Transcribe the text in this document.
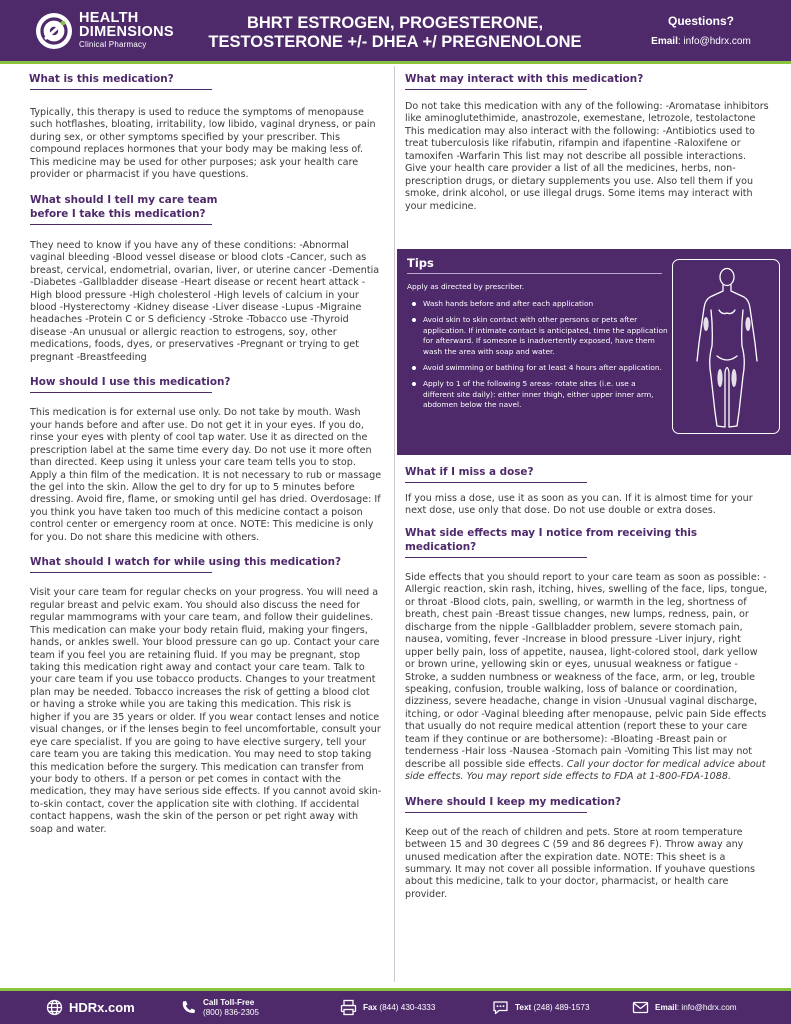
HEALTH
DIMENSIONS
Clinical Pharmacy
BHRT ESTROGEN, PROGESTERONE,
TESTOSTERONE +/- DHEA +/ PREGNENOLONE
Questions?
Email: info@hdrx.com
What is this medication?
Typically, this therapy is used to reduce the symptoms of menopause such hotflashes, bloating, irritability, low libido, vaginal dryness, or pain during sex, or other symptoms specified by your prescriber. This compound replaces hormones that your body may be making less of. This medicine may be used for other purposes; ask your health care provider or pharmacist if you have questions.
What should I tell my care team
before I take this medication?
They need to know if you have any of these conditions: -Abnormal vaginal bleeding -Blood vessel disease or blood clots -Cancer, such as breast, cervical, endometrial, ovarian, liver, or uterine cancer -Dementia -Diabetes -Gallbladder disease -Heart disease or recent heart attack -High blood pressure -High cholesterol -High levels of calcium in your blood -Hysterectomy -Kidney disease -Liver disease -Lupus -Migraine headaches -Protein C or S deficiency -Stroke -Tobacco use -Thyroid disease -An unusual or allergic reaction to estrogens, soy, other medications, foods, dyes, or preservatives -Pregnant or trying to get pregnant -Breastfeeding
How should I use this medication?
This medication is for external use only. Do not take by mouth. Wash your hands before and after use. Do not get it in your eyes. If you do, rinse your eyes with plenty of cool tap water. Use it as directed on the prescription label at the same time every day. Do not use it more often than directed. Keep using it unless your care team tells you to stop. Apply a thin film of the medication. It is not necessary to rub or massage the gel into the skin. Allow the gel to dry for up to 5 minutes before dressing. Avoid fire, flame, or smoking until gel has dried. Overdosage: If you think you have taken too much of this medicine contact a poison control center or emergency room at once. NOTE: This medicine is only for you. Do not share this medicine with others.
What should I watch for while using this medication?
Visit your care team for regular checks on your progress. You will need a regular breast and pelvic exam. You should also discuss the need for regular mammograms with your care team, and follow their guidelines. This medication can make your body retain fluid, making your fingers, hands, or ankles swell. Your blood pressure can go up. Contact your care team if you feel you are retaining fluid. If you may be pregnant, stop taking this medication right away and contact your care team. Talk to your care team if you use tobacco products. Changes to your treatment plan may be needed. Tobacco increases the risk of getting a blood clot or having a stroke while you are taking this medication. This risk is higher if you are 35 years or older. If you wear contact lenses and notice visual changes, or if the lenses begin to feel uncomfortable, consult your eye care specialist. If you are going to have elective surgery, tell your care team you are taking this medication. You may need to stop taking this medication before the surgery. This medication can transfer from your body to others. If a person or pet comes in contact with the medication, they may have serious side effects. If you cannot avoid skin-to-skin contact, cover the application site with clothing. If accidental contact happens, wash the skin of the person or pet right away with soap and water.
What may interact with this medication?
Do not take this medication with any of the following: -Aromatase inhibitors like aminoglutethimide, anastrozole, exemestane, letrozole, testolactone This medication may also interact with the following: -Antibiotics used to treat tuberculosis like rifabutin, rifampin and ifapentine -Raloxifene or tamoxifen -Warfarin This list may not describe all possible interactions. Give your health care provider a list of all the medicines, herbs, non-prescription drugs, or dietary supplements you use. Also tell them if you smoke, drink alcohol, or use illegal drugs. Some items may interact with your medicine.
Tips
Apply as directed by prescriber.
Wash hands before and after each application
Avoid skin to skin contact with other persons or pets after application. If intimate contact is anticipated, time the application for afterward. If someone is inadvertently exposed, have them wash the area with soap and water.
Avoid swimming or bathing for at least 4 hours after application.
Apply to 1 of the following 5 areas- rotate sites (i.e. use a different site daily): either inner thigh, either upper inner arm, abdomen below the navel.
What if I miss a dose?
If you miss a dose, use it as soon as you can. If it is almost time for your next dose, use only that dose. Do not use double or extra doses.
What side effects may I notice from receiving this medication?
Side effects that you should report to your care team as soon as possible: -Allergic reaction, skin rash, itching, hives, swelling of the face, lips, tongue, or throat -Blood clots, pain, swelling, or warmth in the leg, shortness of breath, chest pain -Breast tissue changes, new lumps, redness, pain, or discharge from the nipple -Gallbladder problem, severe stomach pain, nausea, vomiting, fever -Increase in blood pressure -Liver injury, right upper belly pain, loss of appetite, nausea, light-colored stool, dark yellow or brown urine, yellowing skin or eyes, unusual weakness or fatigue -Stroke, a sudden numbness or weakness of the face, arm, or leg, trouble speaking, confusion, trouble walking, loss of balance or coordination, dizziness, severe headache, change in vision -Unusual vaginal discharge, itching, or odor -Vaginal bleeding after menopause, pelvic pain Side effects that usually do not require medical attention (report these to your care team if they continue or are bothersome): -Bloating -Breast pain or tenderness -Hair loss -Nausea -Stomach pain -Vomiting This list may not describe all possible side effects. Call your doctor for medical advice about side effects. You may report side effects to FDA at 1-800-FDA-1088.
Where should I keep my medication?
Keep out of the reach of children and pets. Store at room temperature between 15 and 30 degrees C (59 and 86 degrees F). Throw away any unused medication after the expiration date. NOTE: This sheet is a summary. It may not cover all possible information. If youhave questions about this medicine, talk to your doctor, pharmacist, or health care provider.
HDRx.com	Call Toll-Free
(800) 836-2305
Fax (844) 430-4333	Text (248) 489-1573	Email: info@hdrx.com
